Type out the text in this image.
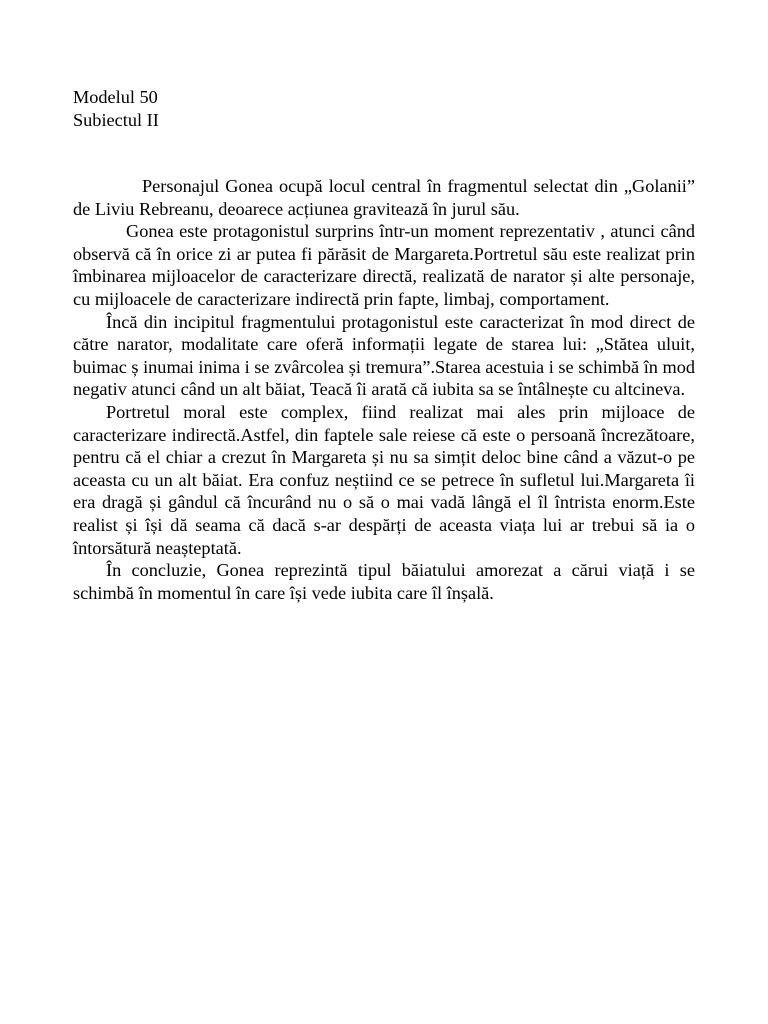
Modelul 50
Subiectul II

Personajul Gonea ocupă locul central în fragmentul selectat din „Golanii” de Liviu Rebreanu, deoarece acțiunea gravitează în jurul său.

Gonea este protagonistul surprins într-un moment reprezentativ , atunci când observă că în orice zi ar putea fi părăsit de Margareta.Portretul său este realizat prin îmbinarea mijloacelor de caracterizare directă, realizată de narator și alte personaje, cu mijloacele de caracterizare indirectă prin fapte, limbaj, comportament.

Încă din incipitul fragmentului protagonistul este caracterizat în mod direct de către narator, modalitate care oferă informații legate de starea lui: „Stătea uluit, buimac ș inumai inima i se zvârcolea și tremura”.Starea acestuia i se schimbă în mod negativ atunci când un alt băiat, Teacă îi arată că iubita sa se întâlnește cu altcineva.

Portretul moral este complex, fiind realizat mai ales prin mijloace de caracterizare indirectă.Astfel, din faptele sale reiese că este o persoană încrezătoare, pentru că el chiar a crezut în Margareta și nu sa simțit deloc bine când a văzut-o pe aceasta cu un alt băiat. Era confuz neștiind ce se petrece în sufletul lui.Margareta îi era dragă și gândul că încurând nu o să o mai vadă lângă el îl întrista enorm.Este realist și își dă seama că dacă s-ar despărți de aceasta viața lui ar trebui să ia o întorsătură neașteptată.

În concluzie, Gonea reprezintă tipul băiatului amorezat a cărui viață i se schimbă în momentul în care își vede iubita care îl înșală.
